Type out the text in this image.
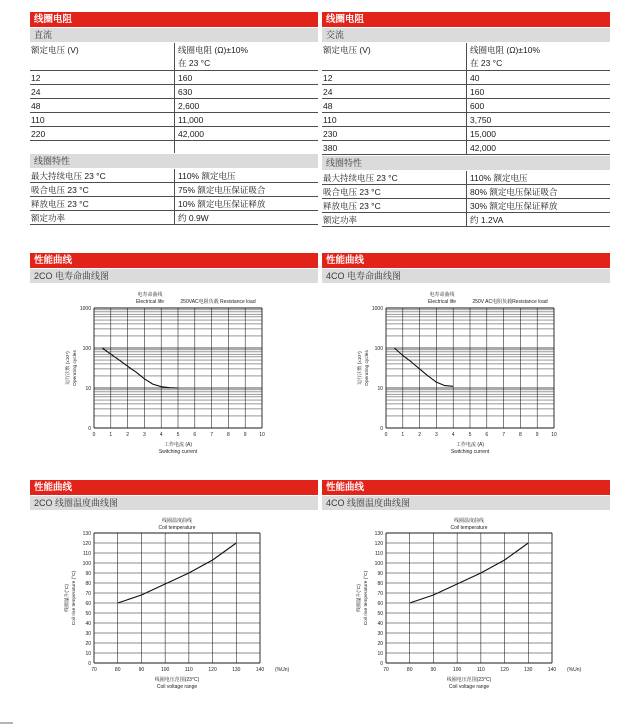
线圈电阻
直流
额定电压 (V)	线圈电阻 (Ω)±10%
在 23 °C
12	160
24	630
48	2,600
110	11,000
220	42,000
线圈特性
最大持续电压 23 °C	110% 额定电压
吸合电压 23 °C	75% 额定电压保证吸合
释放电压 23 °C	10% 额定电压保证释放
额定功率	约 0.9W
线圈电阻
交流
额定电压 (V)	线圈电阻 (Ω)±10%
在 23 °C
12	40
24	160
48	600
110	3,750
230	15,000
380	42,000
线圈特性
最大持续电压 23 °C	110% 额定电压
吸合电压 23 °C	80% 额定电压保证吸合
释放电压 23 °C	30% 额定电压保证释放
额定功率	约 1.2VA
性能曲线
2CO 电寿命曲线图
电寿命曲线
Electrical life	250VAC电阻负载 Resistance load
1000
100
10
0
0	1	2	3	4	5	6	7	8	9	10
工作电流 (A)
Switching current
运行次数 (x10⁴) Operating cycles
性能曲线
4CO 电寿命曲线图
电寿命曲线
Electrical life	250V AC电阻负载Resistance load
1000
100
10
0
0	1	2	3	4	5	6	7	8	9	10
工作电流 (A)
Switching current
运行次数 (x10⁴) Operating cycles
性能曲线
2CO 线圈温度曲线图
线圈温度曲线
Coil temperature
130
120
110
100
90
80
70
60
50
40
30
20
10
0
70	80	90	100	110	120	130	140 (%Un)
线圈电压范围(23°C)
Coil voltage range
线圈温升(°C) Coil rise temperature (°C)
性能曲线
4CO 线圈温度曲线图
线圈温度曲线
Coil temperature
130
120
110
100
90
80
70
60
50
40
30
20
10
0
70	80	90	100	110	120	130	140 (%Un)
线圈电压范围(23°C)
Coil voltage range
线圈温升(°C) Coil rise temperature (°C)
